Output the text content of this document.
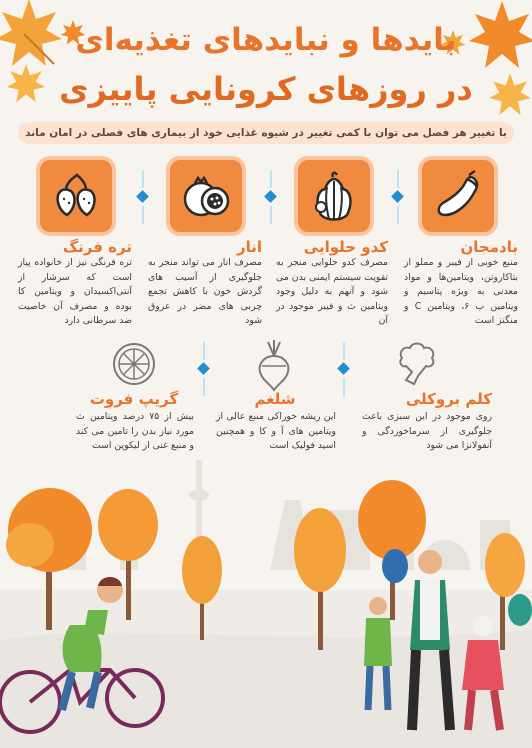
بایدها و نبایدهای تغذیه‌ای
در روزهای کرونایی پاییزی
با تغییر هر فصل می توان با کمی تغییر در شیوه غذایی خود از بیماری های فصلی در امان ماند
بادمجان
منبع خوبی از فیبر و مملو از بتاکاروتن، ویتامین‌ها و مواد معدنی به ویژه پتاسیم و ویتامین ب ۶، ویتامین C و منگنز است
کدو حلوایی
مصرف کدو حلوایی منجر به تقویت سیستم ایمنی بدن می شود و آنهم به دلیل وجود ویتامین ث و فیبر موجود در آن
انار
مصرف انار می تواند منجر به جلوگیری از آسیب های گردش خون با کاهش تجمع چربی های مضر در عروق شود
تره فرنگ
تره فرنگی نیز از خانواده پیاز است که سرشار از آنتی‌اکسیدان و ویتامین کا بوده و مصرف آن خاصیت ضد سرطانی دارد
کلم بروکلی
روی موجود در این سبزی باعث جلوگیری از سرماخوردگی و آنفولانزا می شود
شلغم
این ریشه خوراکی منبع عالی از ویتامین های آ و کا و همچنین اسید فولیک است
گریپ فروت
بیش از ۷۵ درصد ویتامین ث مورد نیاز بدن را تامین می کند و منبع غنی از لیکوپن است
